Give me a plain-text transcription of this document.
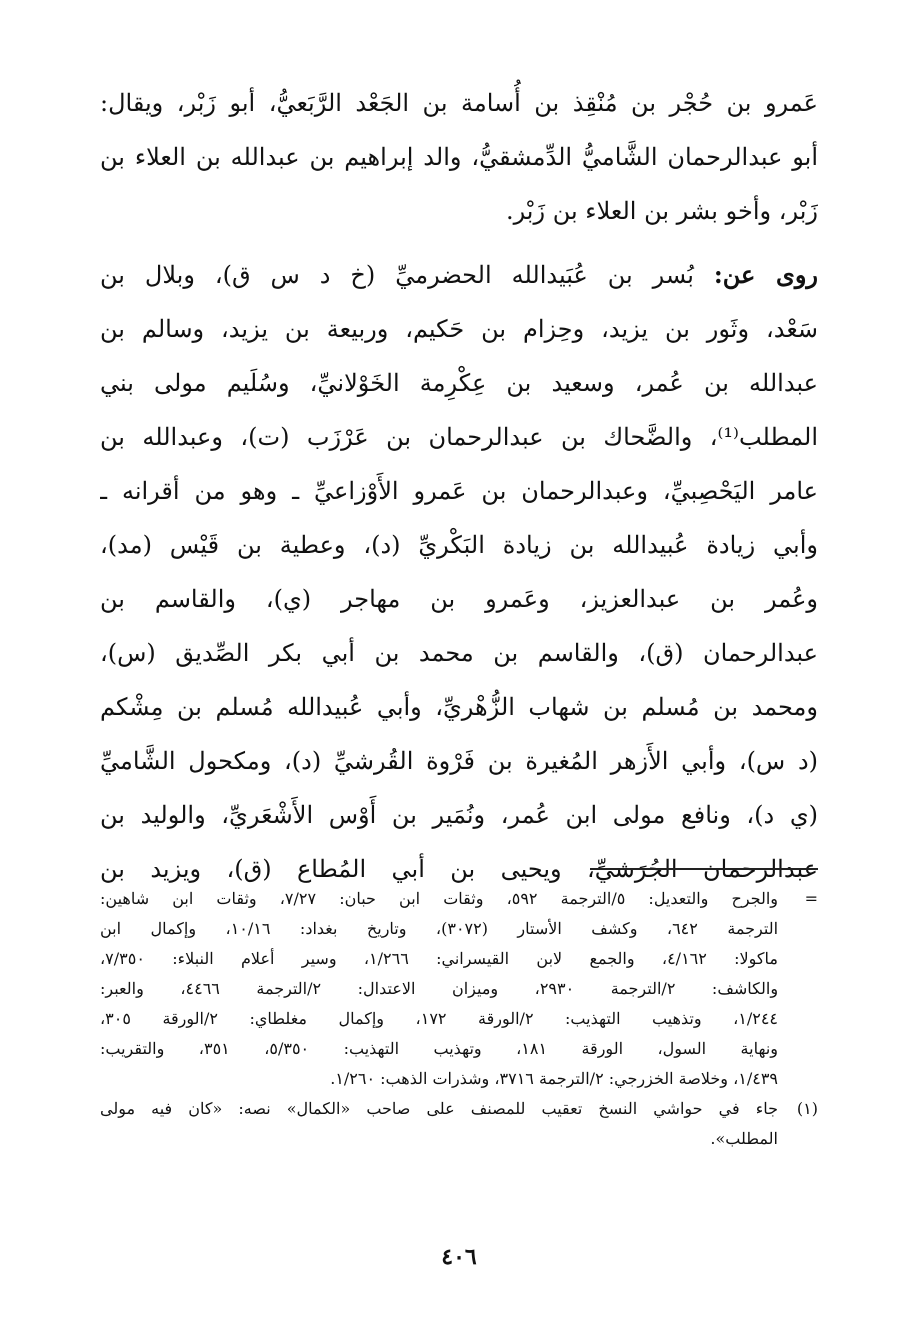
عَمرو بن حُجْر بن مُنْقِذ بن أُسامة بن الجَعْد الرَّبَعيُّ، أبو زَبْر، ويقال:
أبو عبدالرحمان الشَّاميُّ الدِّمشقيُّ، والد إبراهيم بن عبدالله بن العلاء بن
زَبْر، وأخو بشر بن العلاء بن زَبْر.
روى عن: بُسر بن عُبَيدالله الحضرميِّ (خ د س ق)، وبلال بن
سَعْد، وثَور بن يزيد، وحِزام بن حَكيم، وربيعة بن يزيد، وسالم بن
عبدالله بن عُمر، وسعيد بن عِكْرِمة الخَوْلانيِّ، وسُلَيم مولى بني
المطلب⁽¹⁾، والضَّحاك بن عبدالرحمان بن عَرْزَب (ت)، وعبدالله بن
عامر اليَحْصِبيِّ، وعبدالرحمان بن عَمرو الأَوْزاعيِّ ـ وهو من أقرانه ـ
وأبي زيادة عُبيدالله بن زيادة البَكْريِّ (د)، وعطية بن قَيْس (مد)،
وعُمر بن عبدالعزيز، وعَمرو بن مهاجر (ي)، والقاسم بن
عبدالرحمان (ق)، والقاسم بن محمد بن أبي بكر الصِّديق (س)،
ومحمد بن مُسلم بن شهاب الزُّهْريِّ، وأبي عُبيدالله مُسلم بن مِشْكم
(د س)، وأبي الأَزهر المُغيرة بن فَرْوة القُرشيِّ (د)، ومكحول الشَّاميِّ
(ي د)، ونافع مولى ابن عُمر، ونُمَير بن أَوْس الأَشْعَريِّ، والوليد بن
عبدالرحمان الجُرَشيِّ، ويحيى بن أبي المُطاع (ق)، ويزيد بن
=
والجرح والتعديل: ٥/الترجمة ٥٩٢، وثقات ابن حبان: ٧/٢٧، وثقات ابن شاهين:
الترجمة ٦٤٢، وكشف الأستار (٣٠٧٢)، وتاريخ بغداد: ١٠/١٦، وإكمال ابن
ماكولا: ٤/١٦٢، والجمع لابن القيسراني: ١/٢٦٦، وسير أعلام النبلاء: ٧/٣٥٠،
والكاشف: ٢/الترجمة ٢٩٣٠، وميزان الاعتدال: ٢/الترجمة ٤٤٦٦، والعبر:
١/٢٤٤، وتذهيب التهذيب: ٢/الورقة ١٧٢، وإكمال مغلطاي: ٢/الورقة ٣٠٥،
ونهاية السول، الورقة ١٨١، وتهذيب التهذيب: ٥/٣٥٠، ٣٥١، والتقريب:
١/٤٣٩، وخلاصة الخزرجي: ٢/الترجمة ٣٧١٦، وشذرات الذهب: ١/٢٦٠.
(١)
جاء في حواشي النسخ تعقيب للمصنف على صاحب «الكمال» نصه: «كان فيه مولى
المطلب».
٤٠٦
